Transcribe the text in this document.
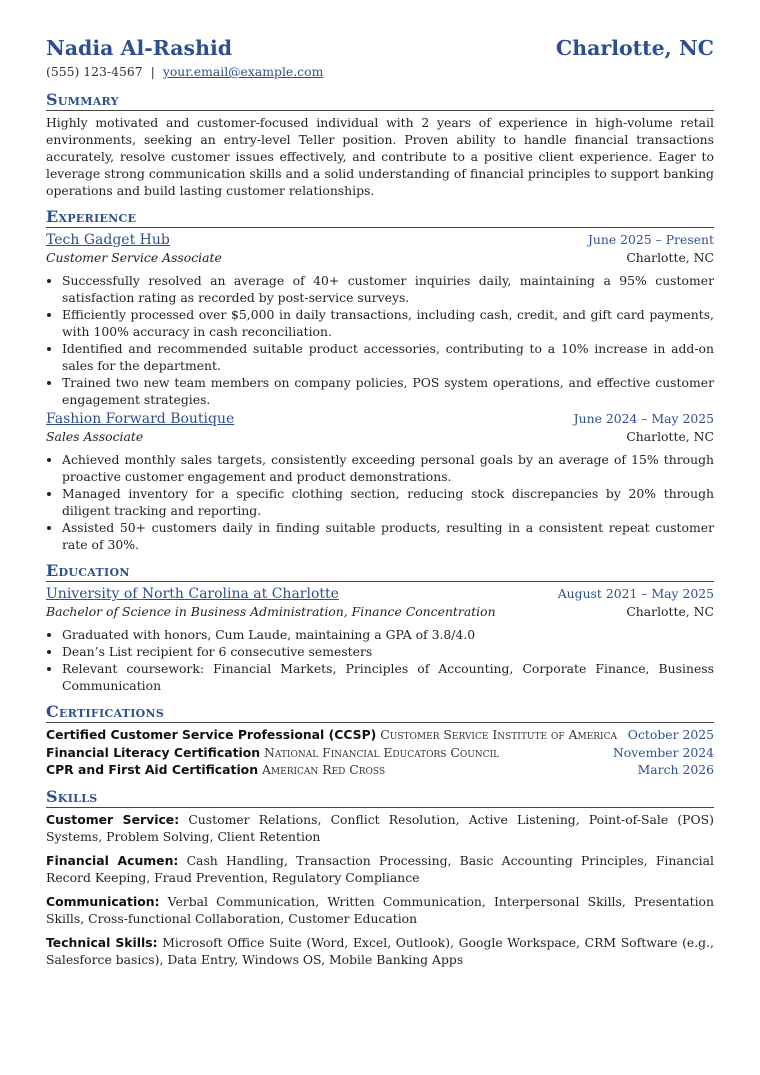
Nadia Al-Rashid	Charlotte, NC
(555) 123-4567 | your.email@example.com
Summary
Highly motivated and customer-focused individual with 2 years of experience in high-volume retail environments, seeking an entry-level Teller position. Proven ability to handle financial transactions accurately, resolve customer issues effectively, and contribute to a positive client experience. Eager to leverage strong communication skills and a solid understanding of financial principles to support banking operations and build lasting customer relationships.
Experience
Tech Gadget Hub	June 2025 – Present
Customer Service Associate	Charlotte, NC
• Successfully resolved an average of 40+ customer inquiries daily, maintaining a 95% customer satisfaction rating as recorded by post-service surveys.
• Efficiently processed over $5,000 in daily transactions, including cash, credit, and gift card payments, with 100% accuracy in cash reconciliation.
• Identified and recommended suitable product accessories, contributing to a 10% increase in add-on sales for the department.
• Trained two new team members on company policies, POS system operations, and effective customer engagement strategies.
Fashion Forward Boutique	June 2024 – May 2025
Sales Associate	Charlotte, NC
• Achieved monthly sales targets, consistently exceeding personal goals by an average of 15% through proactive customer engagement and product demonstrations.
• Managed inventory for a specific clothing section, reducing stock discrepancies by 20% through diligent tracking and reporting.
• Assisted 50+ customers daily in finding suitable products, resulting in a consistent repeat customer rate of 30%.
Education
University of North Carolina at Charlotte	August 2021 – May 2025
Bachelor of Science in Business Administration, Finance Concentration	Charlotte, NC
• Graduated with honors, Cum Laude, maintaining a GPA of 3.8/4.0
• Dean’s List recipient for 6 consecutive semesters
• Relevant coursework: Financial Markets, Principles of Accounting, Corporate Finance, Business Communication
Certifications
Certified Customer Service Professional (CCSP) Customer Service Institute of America October 2025
Financial Literacy Certification National Financial Educators Council	November 2024
CPR and First Aid Certification American Red Cross	March 2026
Skills
Customer Service: Customer Relations, Conflict Resolution, Active Listening, Point-of-Sale (POS) Systems, Problem Solving, Client Retention
Financial Acumen: Cash Handling, Transaction Processing, Basic Accounting Principles, Financial Record Keeping, Fraud Prevention, Regulatory Compliance
Communication: Verbal Communication, Written Communication, Interpersonal Skills, Presentation Skills, Cross-functional Collaboration, Customer Education
Technical Skills: Microsoft Office Suite (Word, Excel, Outlook), Google Workspace, CRM Software (e.g., Salesforce basics), Data Entry, Windows OS, Mobile Banking Apps
